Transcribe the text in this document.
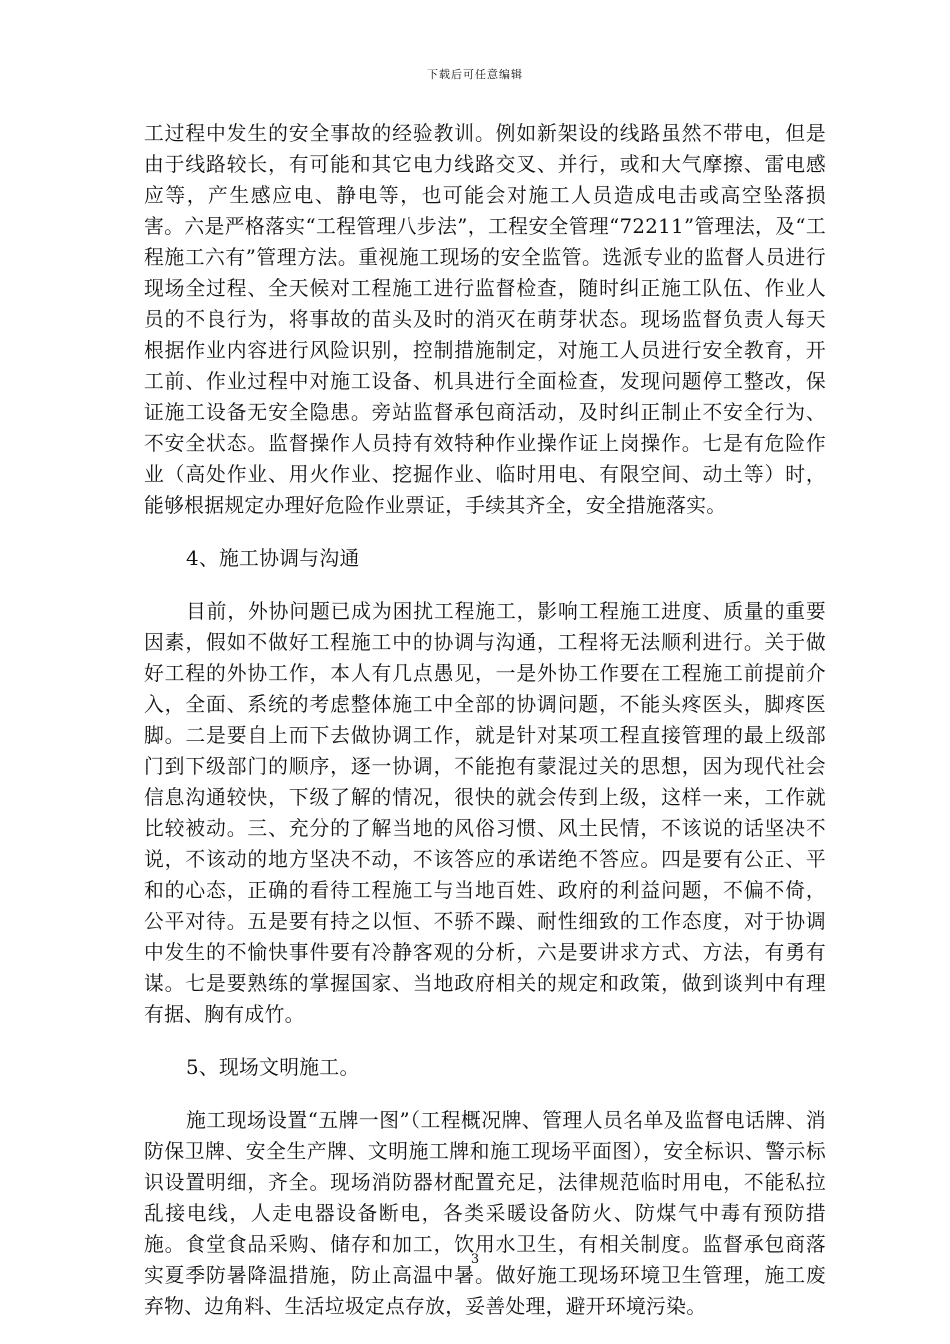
下载后可任意编辑

工过程中发生的安全事故的经验教训。例如新架设的线路虽然不带电，但是由于线路较长，有可能和其它电力线路交叉、并行，或和大气摩擦、雷电感应等，产生感应电、静电等，也可能会对施工人员造成电击或高空坠落损害。六是严格落实“工程管理八步法”，工程安全管理“72211”管理法，及“工程施工六有”管理方法。重视施工现场的安全监管。选派专业的监督人员进行现场全过程、全天候对工程施工进行监督检查，随时纠正施工队伍、作业人员的不良行为，将事故的苗头及时的消灭在萌芽状态。现场监督负责人每天根据作业内容进行风险识别，控制措施制定，对施工人员进行安全教育，开工前、作业过程中对施工设备、机具进行全面检查，发现问题停工整改，保证施工设备无安全隐患。旁站监督承包商活动，及时纠正制止不安全行为、不安全状态。监督操作人员持有效特种作业操作证上岗操作。七是有危险作业（高处作业、用火作业、挖掘作业、临时用电、有限空间、动土等）时，能够根据规定办理好危险作业票证，手续其齐全，安全措施落实。

4、施工协调与沟通

目前，外协问题已成为困扰工程施工，影响工程施工进度、质量的重要因素，假如不做好工程施工中的协调与沟通，工程将无法顺利进行。关于做好工程的外协工作，本人有几点愚见，一是外协工作要在工程施工前提前介入，全面、系统的考虑整体施工中全部的协调问题，不能头疼医头，脚疼医脚。二是要自上而下去做协调工作，就是针对某项工程直接管理的最上级部门到下级部门的顺序，逐一协调，不能抱有蒙混过关的思想，因为现代社会信息沟通较快，下级了解的情况，很快的就会传到上级，这样一来，工作就比较被动。三、充分的了解当地的风俗习惯、风土民情，不该说的话坚决不说，不该动的地方坚决不动，不该答应的承诺绝不答应。四是要有公正、平和的心态，正确的看待工程施工与当地百姓、政府的利益问题，不偏不倚，公平对待。五是要有持之以恒、不骄不躁、耐性细致的工作态度，对于协调中发生的不愉快事件要有冷静客观的分析，六是要讲求方式、方法，有勇有谋。七是要熟练的掌握国家、当地政府相关的规定和政策，做到谈判中有理有据、胸有成竹。

5、现场文明施工。

施工现场设置“五牌一图”（工程概况牌、管理人员名单及监督电话牌、消防保卫牌、安全生产牌、文明施工牌和施工现场平面图），安全标识、警示标识设置明细，齐全。现场消防器材配置充足，法律规范临时用电，不能私拉乱接电线，人走电器设备断电，各类采暖设备防火、防煤气中毒有预防措施。食堂食品采购、储存和加工，饮用水卫生，有相关制度。监督承包商落实夏季防暑降温措施，防止高温中暑。做好施工现场环境卫生管理，施工废弃物、边角料、生活垃圾定点存放，妥善处理，避开环境污染。

3
